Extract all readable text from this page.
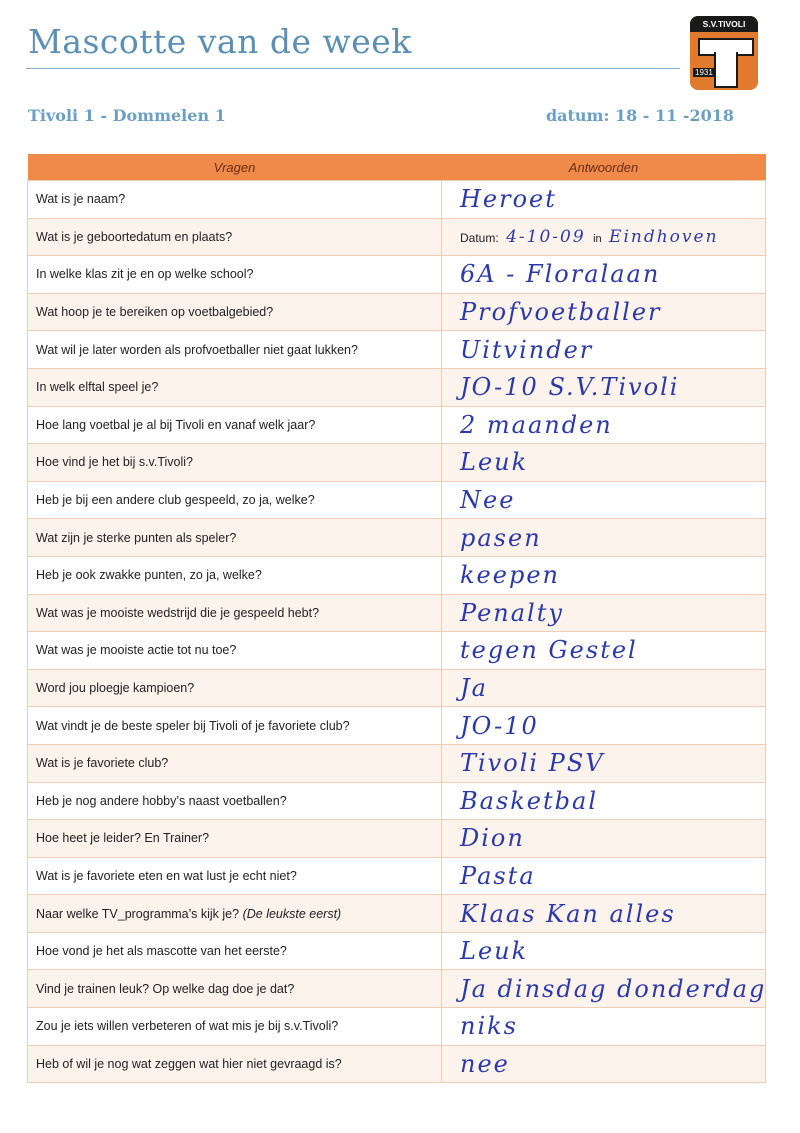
Mascotte van de week	S.V.TIVOLI
1931
Tivoli 1 - Dommelen 1	datum: 18 - 11 -2018
Vragen	Antwoorden
Wat is je naam?	Heroet
Wat is je geboortedatum en plaats?	Datum: 4-10-09 in Eindhoven
In welke klas zit je en op welke school?	6A - Floralaan
Wat hoop je te bereiken op voetbalgebied?	Profvoetballer
Wat wil je later worden als profvoetballer niet gaat lukken?	Uitvinder
In welk elftal speel je?	JO-10 S.V.Tivoli
Hoe lang voetbal je al bij Tivoli en vanaf welk jaar?	2 maanden
Hoe vind je het bij s.v.Tivoli?	Leuk
Heb je bij een andere club gespeeld, zo ja, welke?	Nee
Wat zijn je sterke punten als speler?	pasen
Heb je ook zwakke punten, zo ja, welke?	keepen
Wat was je mooiste wedstrijd die je gespeeld hebt?	Penalty
Wat was je mooiste actie tot nu toe?	tegen Gestel
Word jou ploegje kampioen?	Ja
Wat vindt je de beste speler bij Tivoli of je favoriete club?	JO-10
Wat is je favoriete club?	Tivoli PSV
Heb je nog andere hobby’s naast voetballen?	Basketbal
Hoe heet je leider? En Trainer?	Dion
Wat is je favoriete eten en wat lust je echt niet?	Pasta
Naar welke TV_programma’s kijk je? (De leukste eerst)	Klaas Kan alles
Hoe vond je het als mascotte van het eerste?	Leuk
Vind je trainen leuk? Op welke dag doe je dat?	Ja dinsdag donderdag
Zou je iets willen verbeteren of wat mis je bij s.v.Tivoli?	niks
Heb of wil je nog wat zeggen wat hier niet gevraagd is?	nee
